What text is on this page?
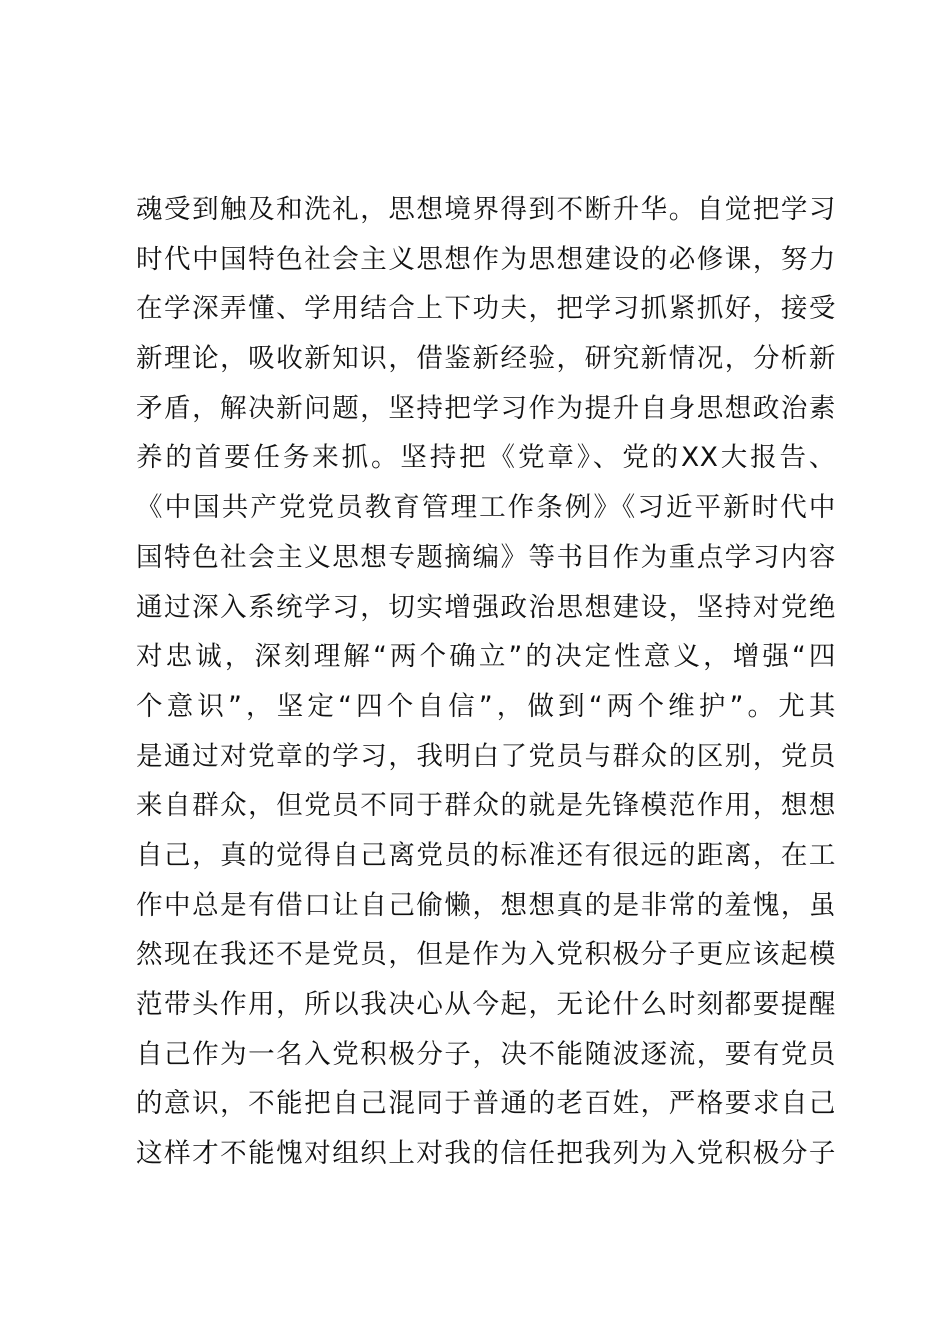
魂受到触及和洗礼，思想境界得到不断升华。自觉把学习
时代中国特色社会主义思想作为思想建设的必修课，努力
在学深弄懂、学用结合上下功夫，把学习抓紧抓好，接受
新理论，吸收新知识，借鉴新经验，研究新情况，分析新
矛盾，解决新问题，坚持把学习作为提升自身思想政治素
养的首要任务来抓。坚持把《党章》、党的XX大报告、
《中国共产党党员教育管理工作条例》《习近平新时代中
国特色社会主义思想专题摘编》等书目作为重点学习内容
通过深入系统学习，切实增强政治思想建设，坚持对党绝
对忠诚，深刻理解“两个确立”的决定性意义，增强“四
个意识”，坚定“四个自信”，做到“两个维护”。尤其
是通过对党章的学习，我明白了党员与群众的区别，党员
来自群众，但党员不同于群众的就是先锋模范作用，想想
自己，真的觉得自己离党员的标准还有很远的距离，在工
作中总是有借口让自己偷懒，想想真的是非常的羞愧，虽
然现在我还不是党员，但是作为入党积极分子更应该起模
范带头作用，所以我决心从今起，无论什么时刻都要提醒
自己作为一名入党积极分子，决不能随波逐流，要有党员
的意识，不能把自己混同于普通的老百姓，严格要求自己
这样才不能愧对组织上对我的信任把我列为入党积极分子
